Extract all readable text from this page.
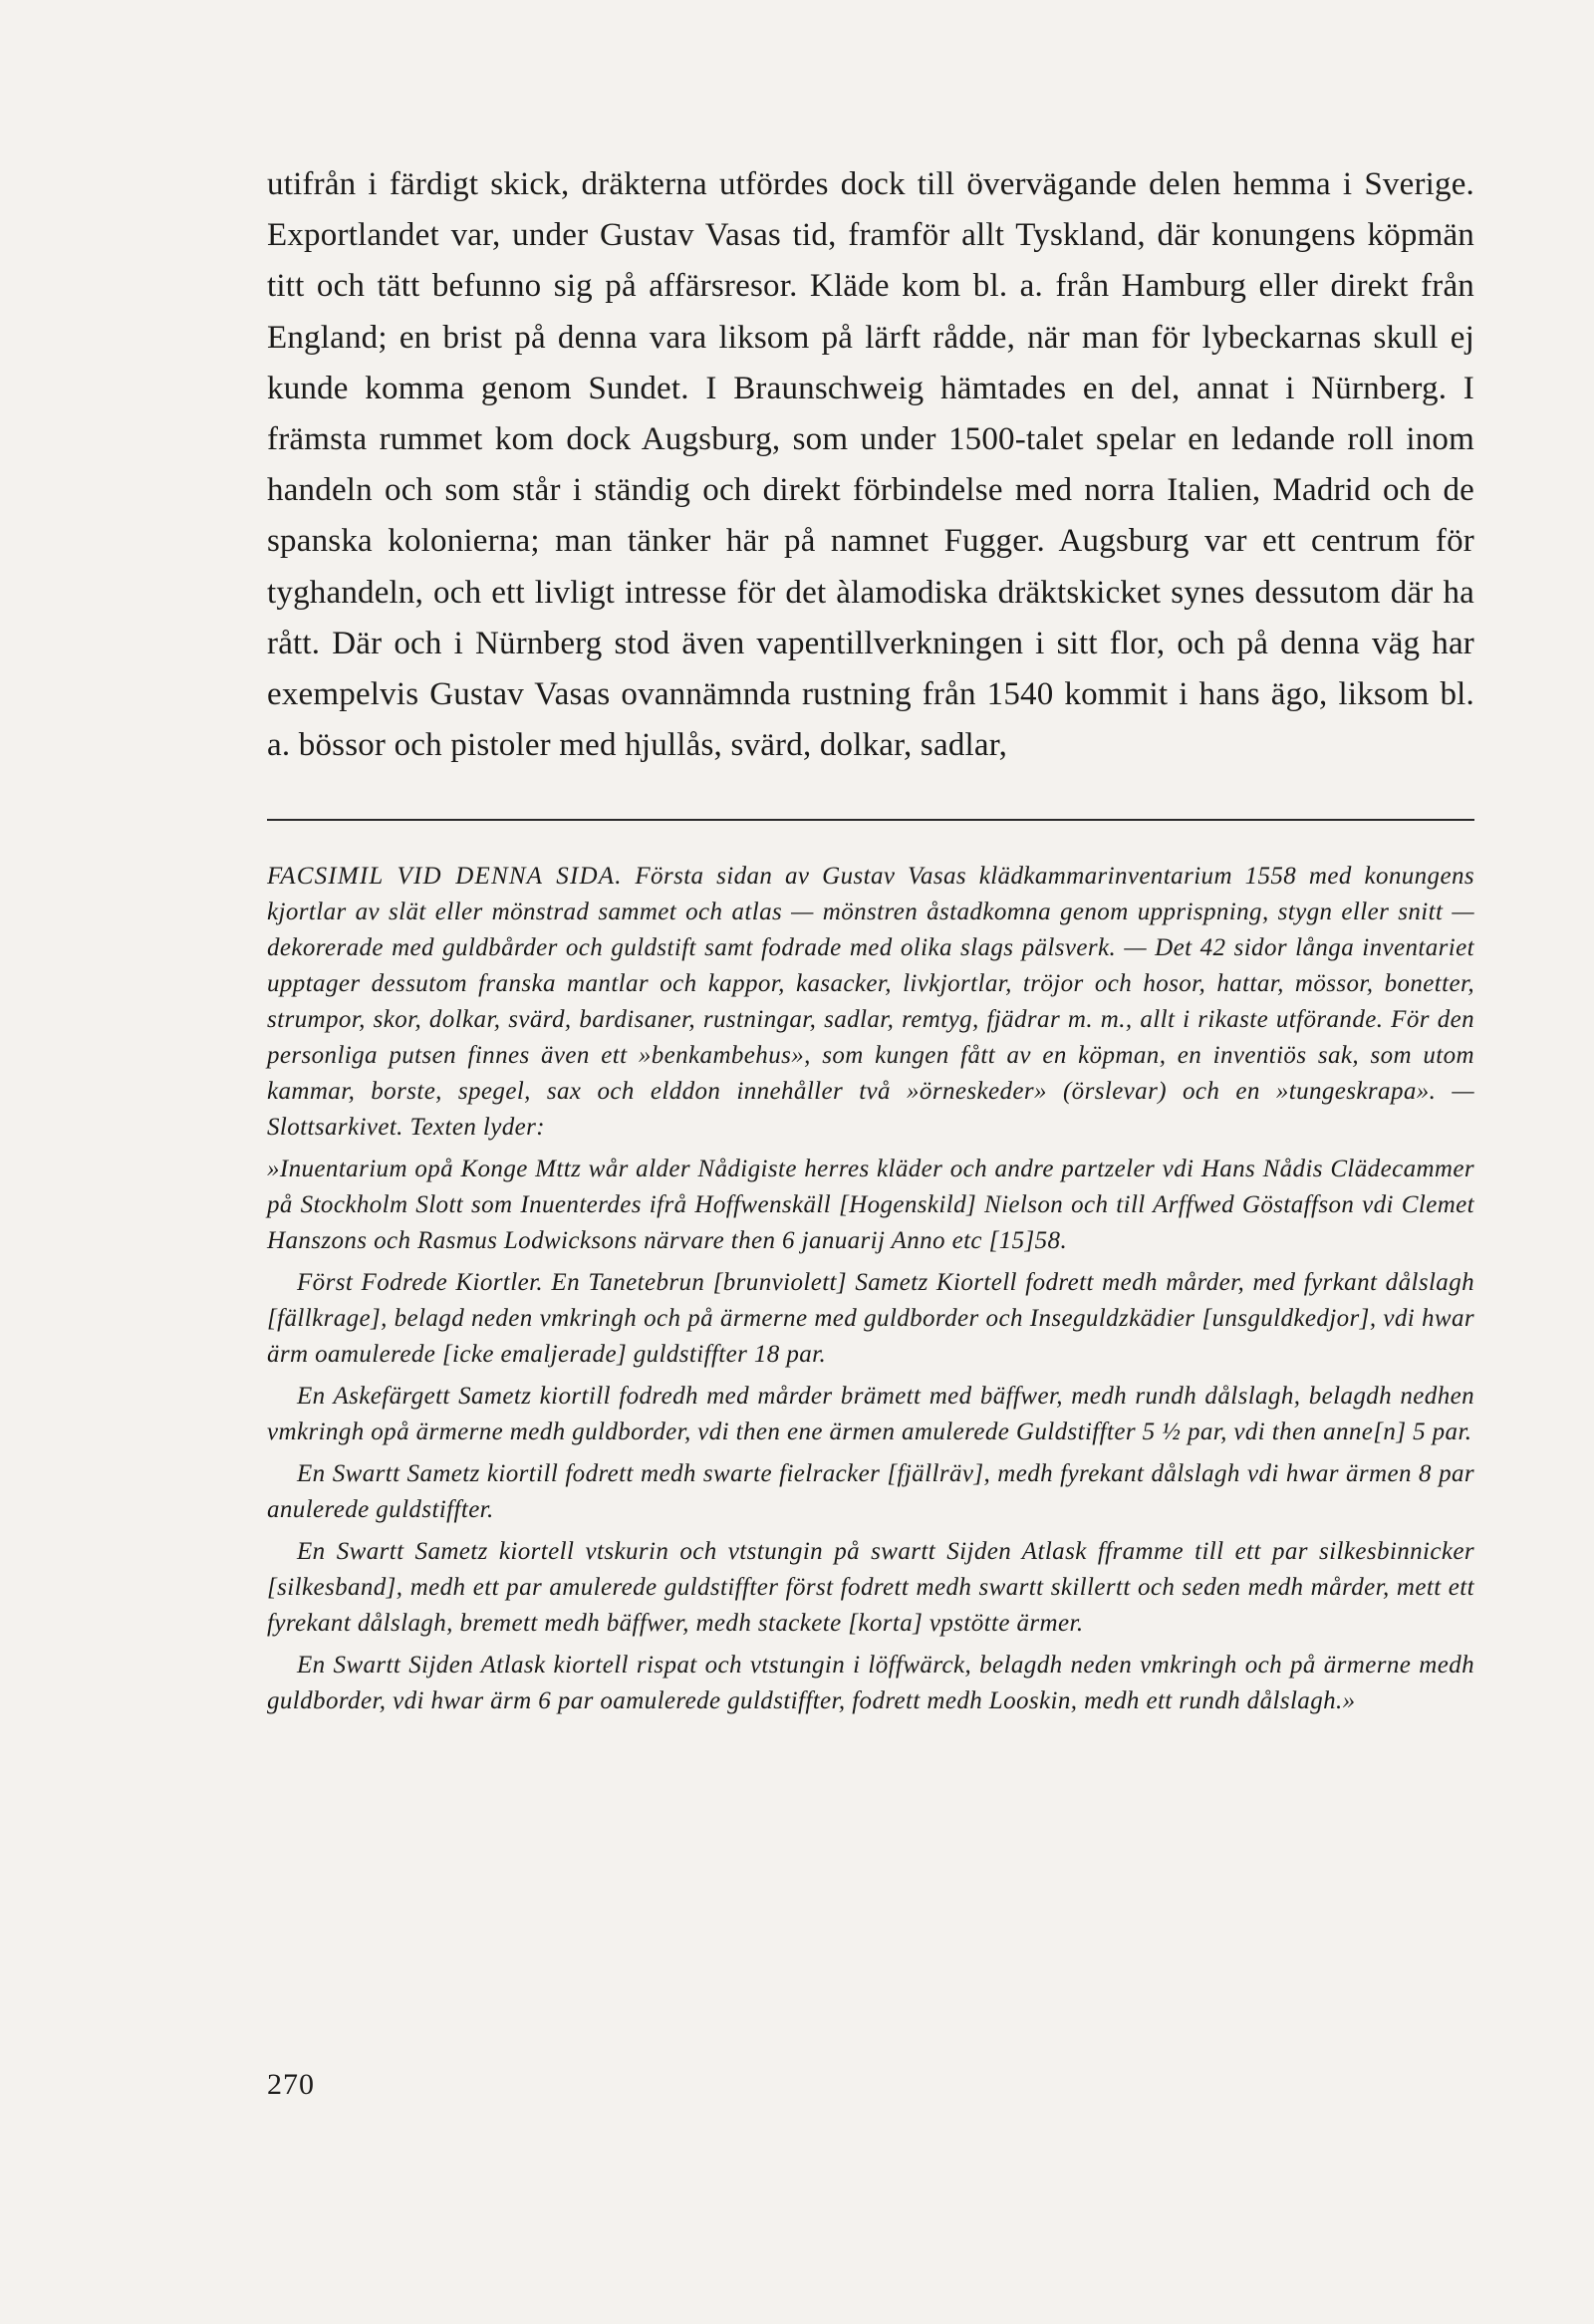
utifrån i färdigt skick, dräkterna utfördes dock till övervägande delen hemma i Sverige. Exportlandet var, under Gustav Vasas tid, framför allt Tyskland, där konungens köpmän titt och tätt befunno sig på affärsresor. Kläde kom bl. a. från Hamburg eller direkt från England; en brist på denna vara liksom på lärft rådde, när man för lybeckarnas skull ej kunde komma genom Sundet. I Braunschweig hämtades en del, annat i Nürnberg. I främsta rummet kom dock Augsburg, som under 1500-talet spelar en ledande roll inom handeln och som står i ständig och direkt förbindelse med norra Italien, Madrid och de spanska kolonierna; man tänker här på namnet Fugger. Augsburg var ett centrum för tyghandeln, och ett livligt intresse för det àlamodiska dräktskicket synes dessutom där ha rått. Där och i Nürnberg stod även vapentillverkningen i sitt flor, och på denna väg har exempelvis Gustav Vasas ovannämnda rustning från 1540 kommit i hans ägo, liksom bl. a. bössor och pistoler med hjullås, svärd, dolkar, sadlar,

FACSIMIL VID DENNA SIDA. Första sidan av Gustav Vasas klädkammarinventarium 1558 med konungens kjortlar av slät eller mönstrad sammet och atlas — mönstren åstadkomna genom upprispning, stygn eller snitt — dekorerade med guldbårder och guldstift samt fodrade med olika slags pälsverk. — Det 42 sidor långa inventariet upptager dessutom franska mantlar och kappor, kasacker, livkjortlar, tröjor och hosor, hattar, mössor, bonetter, strumpor, skor, dolkar, svärd, bardisaner, rustningar, sadlar, remtyg, fjädrar m. m., allt i rikaste utförande. För den personliga putsen finnes även ett »benkambehus», som kungen fått av en köpman, en inventiös sak, som utom kammar, borste, spegel, sax och elddon innehåller två »örneskeder» (örslevar) och en »tungeskrapa». — Slottsarkivet. Texten lyder:

»Inuentarium opå Konge Mttz wår alder Nådigiste herres kläder och andre partzeler vdi Hans Nådis Clädecammer på Stockholm Slott som Inuenterdes ifrå Hoffwenskäll [Hogenskild] Nielson och till Arffwed Göstaffson vdi Clemet Hanszons och Rasmus Lodwicksons närvare then 6 januarij Anno etc [15]58.

Först Fodrede Kiortler. En Tanetebrun [brunviolett] Sametz Kiortell fodrett medh mårder, med fyrkant dålslagh [fällkrage], belagd neden vmkringh och på ärmerne med guldborder och Inseguldzkädier [unsguldkedjor], vdi hwar ärm oamulerede [icke emaljerade] guldstiffter 18 par.

En Askefärgett Sametz kiortill fodredh med mårder brämett med bäffwer, medh rundh dålslagh, belagdh nedhen vmkringh opå ärmerne medh guldborder, vdi then ene ärmen amulerede Guldstiffter 5 ½ par, vdi then anne[n] 5 par.

En Swartt Sametz kiortill fodrett medh swarte fielracker [fjällräv], medh fyrekant dålslagh vdi hwar ärmen 8 par anulerede guldstiffter.

En Swartt Sametz kiortell vtskurin och vtstungin på swartt Sijden Atlask fframme till ett par silkesbinnicker [silkesband], medh ett par amulerede guldstiffter först fodrett medh swartt skillertt och seden medh mårder, mett ett fyrekant dålslagh, bremett medh bäffwer, medh stackete [korta] vpstötte ärmer.

En Swartt Sijden Atlask kiortell rispat och vtstungin i löffwärck, belagdh neden vmkringh och på ärmerne medh guldborder, vdi hwar ärm 6 par oamulerede guldstiffter, fodrett medh Looskin, medh ett rundh dålslagh.»

270
